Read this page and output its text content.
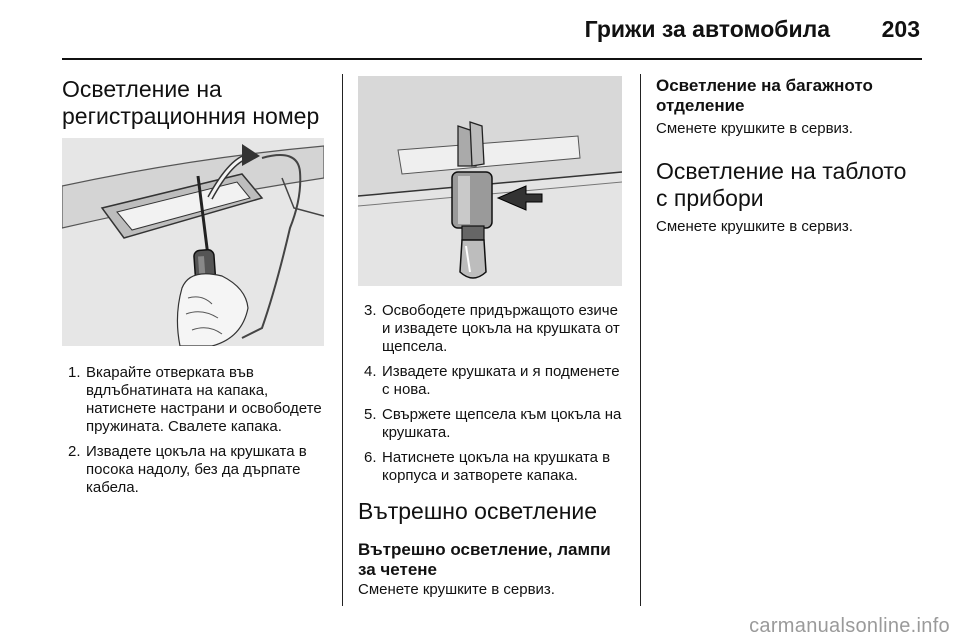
Грижи за автомобила 203
Осветление на регистрационния номер
1. Вкарайте отверката във вдлъбнатината на капака, натиснете настрани и освободете пружината. Свалете капака.
2. Извадете цокъла на крушката в посока надолу, без да дърпате кабела.
3. Освободете придържащото езиче и извадете цокъла на крушката от щепсела.
4. Извадете крушката и я подменете с нова.
5. Свържете щепсела към цокъла на крушката.
6. Натиснете цокъла на крушката в корпуса и затворете капака.
Вътрешно осветление
Вътрешно осветление, лампи за четене

Сменете крушките в сервиз.

Осветление на багажното отделение

Сменете крушките в сервиз.

Осветление на таблото с прибори

Сменете крушките в сервиз.

carmanualsonline.info
